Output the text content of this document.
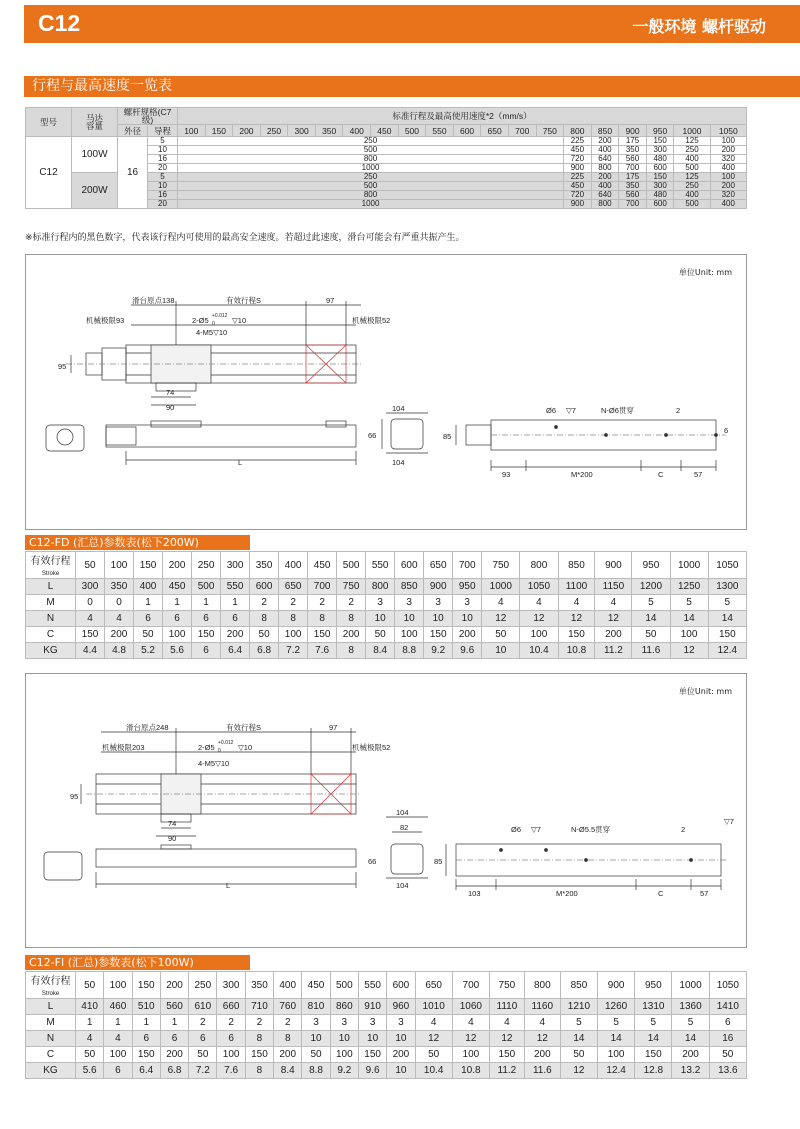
C12	一般环境 螺杆驱动
行程与最高速度一览表
型号	马达
容量	螺杆规格(C7级)		标准行程及最高使用速度*2（mm/s）																			
		外径	导程	100	150	200	250	300	350	400	450	500	550	600	650	700	750	800	850	900	950	1000	1050
C12	100W	16	5	250														225	200	175	150	125	100
			10	500														450	400	350	300	250	200
			16	800														720	640	560	480	400	320
			20	1000														900	800	700	600	500	400
	200W		5	250														225	200	175	150	125	100
			10	500														450	400	350	300	250	200
			16	800														720	640	560	480	400	320
			20	1000														900	800	700	600	500	400
※标准行程内的黑色数字，代表该行程内可使用的最高安全速度。若超过此速度，滑台可能会有严重共振产生。
单位Unit: mm
滑台原点138	有效行程S	97
2-Ø5 +0.012
0 ▽10
机械极限93	机械极限52
4-M5▽10
95
74
90	104
66
104
L
Ø6 ▽7	N-Ø6贯穿	2
6
85
93	M*200	C	57
C12-FD (汇总)参数表(松下200W)
有效行程Stroke	50	100	150	200	250	300	350	400	450	500	550	600	650	700	750	800	850	900	950	1000	1050
L	300	350	400	450	500	550	600	650	700	750	800	850	900	950	1000	1050	1100	1150	1200	1250	1300
M	0	0	1	1	1	1	2	2	2	2	3	3	3	3	4	4	4	4	5	5	5
N	4	4	6	6	6	6	8	8	8	8	10	10	10	10	12	12	12	12	14	14	14
C	150	200	50	100	150	200	50	100	150	200	50	100	150	200	50	100	150	200	50	100	150
KG	4.4	4.8	5.2	5.6	6	6.4	6.8	7.2	7.6	8	8.4	8.8	9.2	9.6	10	10.4	10.8	11.2	11.6	12	12.4
单位Unit: mm
滑台原点248	有效行程S	97
2-Ø5 +0.012
0 ▽10
机械极限203	机械极限52
4-M5▽10
95
74
90
104
82
66
104
L
Ø6 ▽7	N-Ø5.5贯穿	2
▽7
85
103	M*200	C	57
C12-FI (汇总)参数表(松下100W)
有效行程Stroke	50	100	150	200	250	300	350	400	450	500	550	600	650	700	750	800	850	900	950	1000	1050
L	410	460	510	560	610	660	710	760	810	860	910	960	1010	1060	1110	1160	1210	1260	1310	1360	1410
M	1	1	1	1	2	2	2	2	3	3	3	3	4	4	4	4	5	5	5	5	6
N	4	4	6	6	6	6	8	8	10	10	10	10	12	12	12	12	14	14	14	14	16
C	50	100	150	200	50	100	150	200	50	100	150	200	50	100	150	200	50	100	150	200	50
KG	5.6	6	6.4	6.8	7.2	7.6	8	8.4	8.8	9.2	9.6	10	10.4	10.8	11.2	11.6	12	12.4	12.8	13.2	13.6
